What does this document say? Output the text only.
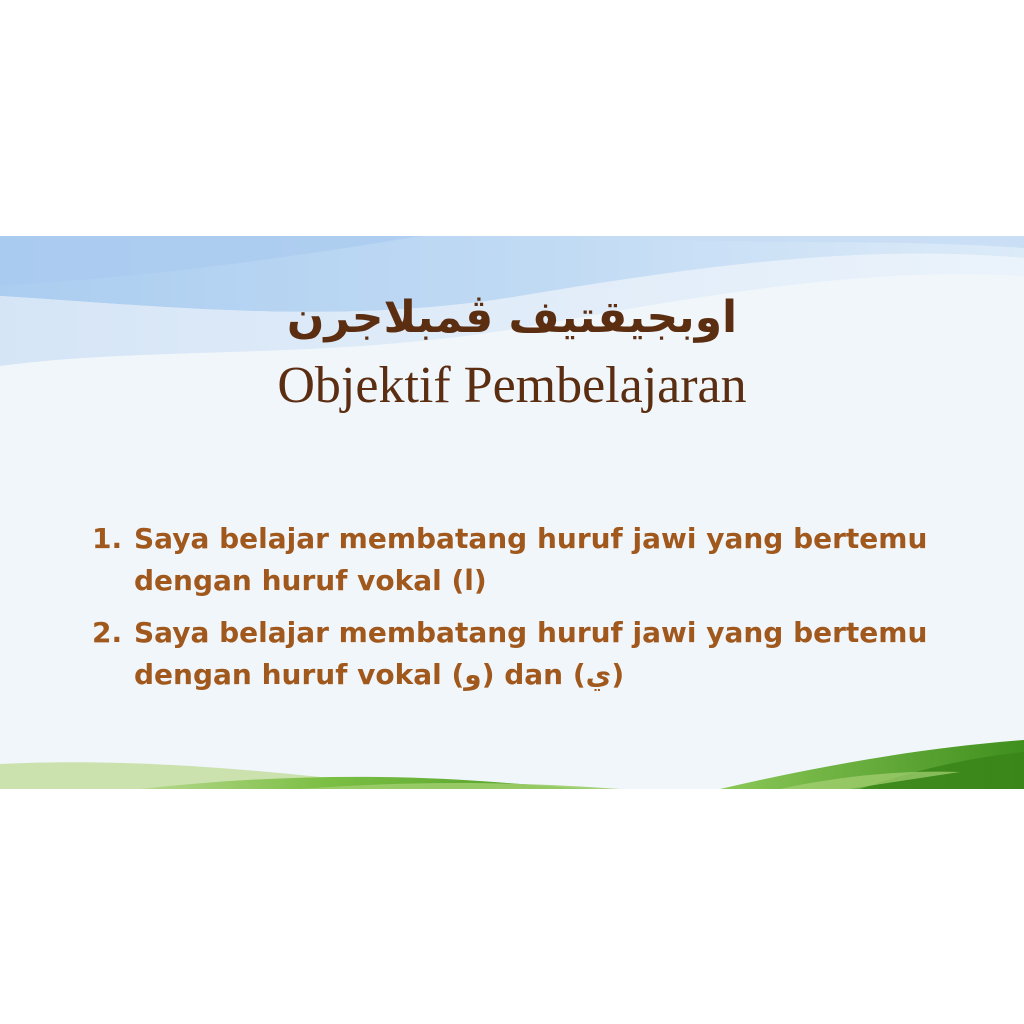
اوبجيقتيف ڤمبلاجرن
Objektif Pembelajaran
1. Saya belajar membatang huruf jawi yang bertemu dengan huruf vokal (ا)
2. Saya belajar membatang huruf jawi yang bertemu dengan huruf vokal (و) dan (ي)
